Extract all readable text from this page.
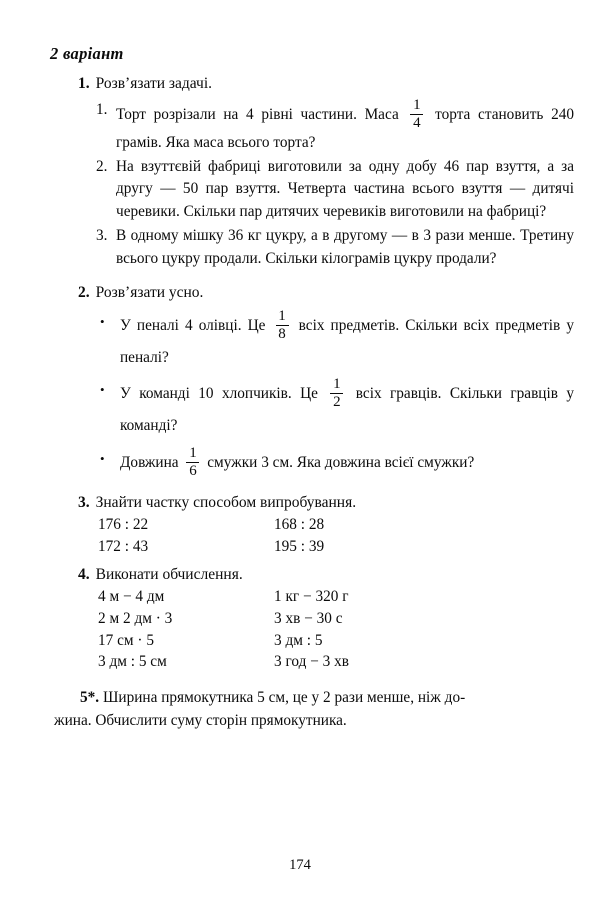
2 варіант
1. Розв’язати задачі.
1. Торт розрізали на 4 рівні частини. Маса $\frac{1}{4}$ торта становить 240 грамів. Яка маса всього торта?
2. На взуттєвій фабриці виготовили за одну добу 46 пар взуття, а за другу — 50 пар взуття. Четверта частина всього взуття — дитячі черевики. Скільки пар дитячих черевиків виготовили на фабриці?
3. В одному мішку 36 кг цукру, а в другому — в 3 рази менше. Третину всього цукру продали. Скільки кілограмів цукру продали?
2. Розв’язати усно.
•	У пеналі 4 олівці. Це $\frac{1}{8}$ всіх предметів. Скільки всіх предметів у пеналі?
•	У команді 10 хлопчиків. Це $\frac{1}{2}$ всіх гравців. Скільки гравців у команді?
•	Довжина $\frac{1}{6}$ смужки 3 см. Яка довжина всієї смужки?
3. Знайти частку способом випробування.
176 : 22	168 : 28
172 : 43	195 : 39
4. Виконати обчислення.
4 м − 4 дм	1 кг − 320 г
2 м 2 дм · 3	3 хв − 30 с
17 см · 5	3 дм : 5
3 дм : 5 см	3 год − 3 хв
5*. Ширина прямокутника 5 см, це у 2 рази менше, ніж до-
жина. Обчислити суму сторін прямокутника.
174
